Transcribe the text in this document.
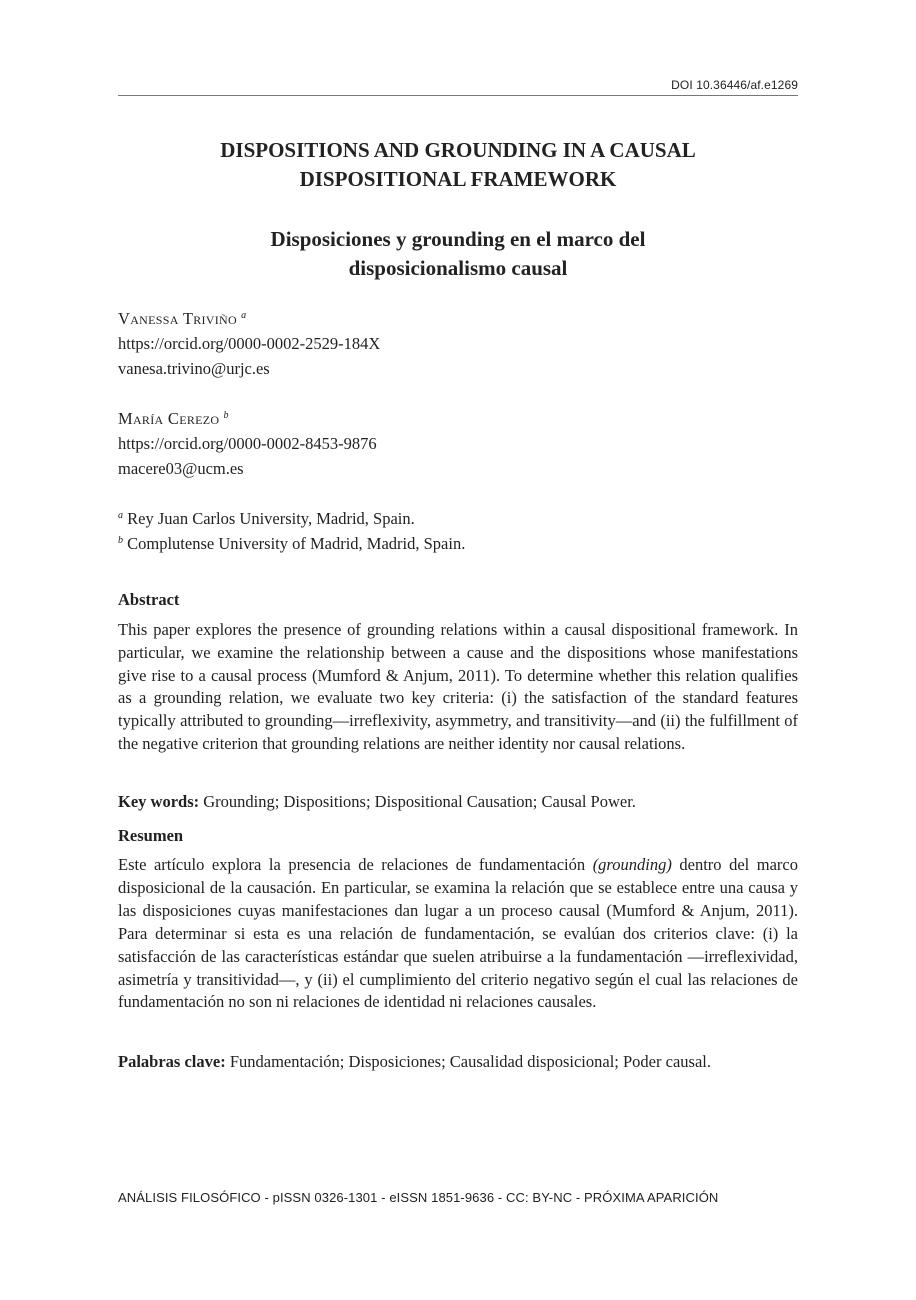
DOI 10.36446/af.e1269
DISPOSITIONS AND GROUNDING IN A CAUSAL
DISPOSITIONAL FRAMEWORK
Disposiciones y grounding en el marco del
disposicionalismo causal
Vanessa Triviño $^a$
https://orcid.org/0000-0002-2529-184X
vanesa.trivino@urjc.es
María Cerezo $^b$
https://orcid.org/0000-0002-8453-9876
macere03@ucm.es
$^a$ Rey Juan Carlos University, Madrid, Spain.
$^b$ Complutense University of Madrid, Madrid, Spain.
Abstract

This paper explores the presence of grounding relations within a causal dispositional framework. In particular, we examine the relationship between a cause and the dispositions whose manifestations give rise to a causal process (Mumford & Anjum, 2011). To determine whether this relation qualifies as a grounding relation, we evaluate two key criteria: (i) the satisfaction of the standard features typically attributed to grounding—irreflexivity, asymmetry, and transitivity—and (ii) the fulfillment of the negative criterion that grounding relations are neither identity nor causal relations.

Key words: Grounding; Dispositions; Dispositional Causation; Causal Power.

Resumen

Este artículo explora la presencia de relaciones de fundamentación (grounding) dentro del marco disposicional de la causación. En particular, se examina la relación que se establece entre una causa y las disposiciones cuyas manifestaciones dan lugar a un proceso causal (Mumford & Anjum, 2011). Para determinar si esta es una relación de fundamentación, se evalúan dos criterios clave: (i) la satisfacción de las características estándar que suelen atribuirse a la fundamentación —irreflexividad, asimetría y transitividad—, y (ii) el cumplimiento del criterio negativo según el cual las relaciones de fundamentación no son ni relaciones de identidad ni relaciones causales.

Palabras clave: Fundamentación; Disposiciones; Causalidad disposicional; Poder causal.

ANÁLISIS FILOSÓFICO - pISSN 0326-1301 - eISSN 1851-9636 - CC: BY-NC - PRÓXIMA APARICIÓN
